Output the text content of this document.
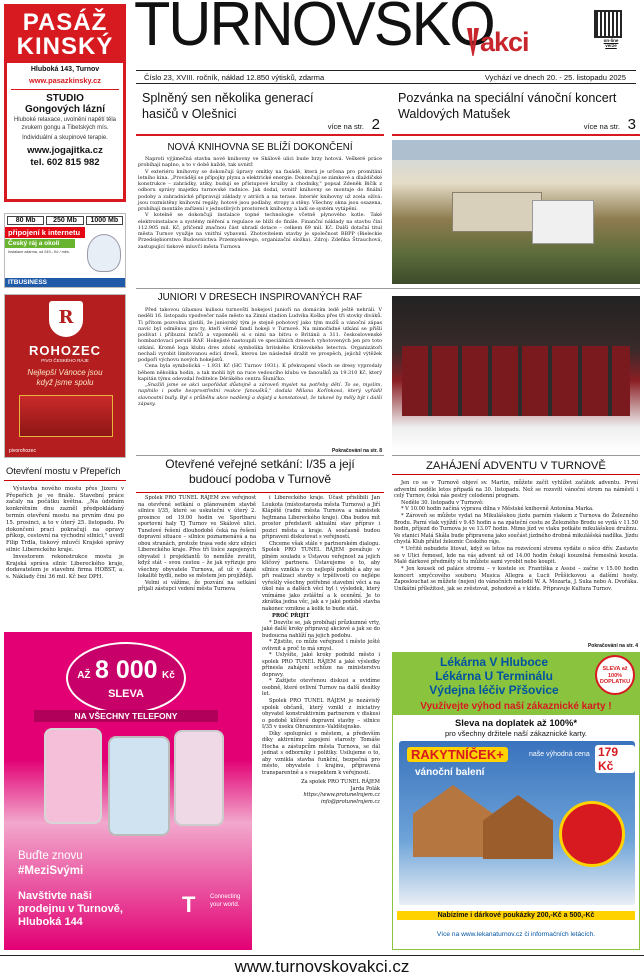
PASÁŽ
KINSKÝ
Hluboká 143, Turnov
www.pasazkinsky.cz
STUDIO
Gongových lázní
Hluboké relaxace, uvolnění napětí těla zvukem gongu a Tibetských mís.
Individuální a skupinové terapie.
www.jogajitka.cz
tel. 602 815 982
80 Mb	250 Mb	1000 Mb
připojení k internetu
Český ráj a okolí
Instalace zdarma, od 249,- Kč / měs.
ITBUSINESS
R
ROHOZEC
PIVO ČESKÉHO RÁJE
Nejlepší Vánoce jsou když jsme spolu
pivorohozec
Otevření mostu v Přepeřích

Výstavba nového mostu přes Jizeru v Přepeřích je ve finále. Stavební práce začaly na počátku května. „Na údolním konkrétním dnu zazněl předpokládaný termín otevření mostu na prvním dnu po 15. prosinci, a to v úterý 25. listopadu. Po dokončení prací pokračují na opravy příkop, cestovní na východní silnici," uvedl Filip Trdla, tiskový mluvčí Krajské správy silnic Libereckého kraje.

Investorem rekonstrukce mostu je Krajská správa silnic Libereckého kraje, dodavatelem je stavební firma HOBST, a. s. Náklady činí 36 mil. Kč bez DPH.

TURNOVSKO
akci	on-line
verze
Číslo 23, XVIII. ročník, náklad 12.850 výtisků, zdarma	Vychází ve dnech 20. - 25. listopadu 2025
Splněný sen několika generací hasičů v Olešnici
více na str. 2
Pozvánka na speciální vánoční koncert Waldových Matušek
více na str. 3
NOVÁ KNIHOVNA SE BLÍŽÍ DOKONČENÍ

Naproti výjimečná stavba nové knihovny ve Skálově ulici bude brzy hotová. Veškeré práce probíhají naplno, a to v době každé, tak uvnitř.

V exteriéru knihovny se dokončují úpravy omítky na fasádě, která je určena pro promítání letního kina. „Provádějí se přípojky plynu a elektrické energie. Dokončují se zámkové a dlaždičské konstrukce – zahrádky, atiky, budují se přístupové kružby a chodníky," popsal Zdeněk Bičík z odboru správy majetku turnovské radnice. Jak dodal, uvnitř knihovny se montuje do finální podoby a zahradnické připravují základy v atriích a na terase. Interiér knihovny už zcela ožívá: jsou rozmístěny knihovní regály, hotové jsou podlahy, stropy a stěny. Všechny okna jsou osazena, probíhají montáže zařízení v jednotlivých prostorech knihovny a ladí se systém vytápění.

V kotelně se dokončují instalace topné technologie včetně plynového kotle. Také elektroinstalace a systémy měření a regulace se blíží do finále. Finanční náklady na stavbu činí 112.905 mil. Kč, přičemž značnou část uhradí dotace – celkem 69 mil. Kč. Další dotační titul města Turnov využije na vnitřní vybavení. Zhotovitelem stavby je společnost BBPP (Bieleckie Przedsiębiorstwo Budownictwa Przemysłowego, organizační složka). Zdroj: Zdeňka Štrauchová, zastupující tiskové mluvčí města Turnova

JUNIORI V DRESECH INSPIROVANÝCH RAF

Před takovou úžasnou kulisou turnovští hokejoví junioři na domácím ledě ještě nehráli. V neděli 16. listopadu vpodvečer naše město na Zimní stadion Ludvíka Koška přes tři stovky diváků. Ti přitom pozvolna zjistili, že juniorský tým je stejně pohotový jako tým mužů a vánoční zápas navíc byl odměnou pro ty, kteří věrně fandí hokeji v Turnově. Na mimořádné utkání se přišli podívat i příbuzní hráčů a vzpomněli si s nimi na bitvu o Británii a 311. československé bombardovací perutě RAF. Hokejisté nastoupili ve speciálních dresech vyhotovených jen pro toto utkání. Kromě loga klubu dres zdobí symbolika britského Královského letectva. Organizátoři nechali vyrobit limitovanou edici dresů, kterou lze následně dražit ve prospěch, jejichž výtěžek podpoří výchovu nových hokejistů.

Cena byla symbolická – 1.931 Kč (HC Turnov 1931). K překvapení všech se dresy vyprodaly během několika hodin, a tak mohli být na ruce vedoucího klubu ve fanoušků za 19.310 Kč, který kapitán týmu odevzdal ředitelce Děrákého centra Šluníčko.

„Snažili jsme se akci uspořádat důstojně a zároveň myslet na potřeby dětí. To se, myslím, naplnilo i podle bezprostřední reakce fanoušků," dodala Milana Kořínková, který vyřádil slavnostní bully. Byl s průběhu akce nadšený a dojatý a konstatoval, že takové by měly být i další zápasy.

Pokračování na str. 8
Otevřené veřejné setkání: I/35 a její budoucí podoba v Turnově

Spolek PRO TUNEL RÁJEM zve veřejnost na otevřené setkání o plánovaném stavbě silnice I/35, které se uskuteční v úterý 2. prosince od 19.00 hodin ve Sportbaru sportovní haly TJ Turnov ve Skálově ulici. Tunelové řešení dlouhodobě čeká na řešení dopravní situace – silnice poznamenává a na obou stranách, protože trasa vede skrz silnici Libereckého kraje. Přes tři tisíce zapojených obyvatel i projektantů to nemůže zvrátit, když stát – svou cestou – že jak vyřizuje pro všechny obyvatele Turnova, ať už v dané lokalitě bydlí, nebo se městem jen projíždějí.

Velmi si vážíme, že pozvání na setkání přijali zástupci vedení města Turnova

i Libereckého kraje. Účast přislíbili Jan Loukota (místostarosta města Turnova) a Jiří Klápště (radní města Turnova a náměstek hejtmana Libereckého kraje). Oba budou mít prostor představit aktuální stav příprav i pozici města a kraje. A současně budou připraveni diskutovat s veřejností.

Chceme však stále v partnerském dialogu. Spolek PRO TUNEL RÁJEM považuje v plném souladu s Ústavou veřejnost za jejich klíčový partnera. Ústavujeme o to, aby silnice vznikla v co nejlepší podobě a aby se při realizaci stavby s trpělivostí co nejlépe vyřešily všechny potřebné stavební věci a na úkol nás a dalších věcí byl i výsledek, který vnímáme jako zvláštní a k ocenění. Je to zkrátka jedna věc, jak a v jaké podobě stavba nakonec vznikne a kolik to bude stát.

PROČ PŘIJÍT

* Dozvíte se, jak probíhají průzkumné vrty, jaké další kroky připravuj akciové a jak se do budoucna nahlíží na jejich podobu.

* Zjistíte, co může veřejnost i město ještě ovlivnit a proč to má smysl.

* Uslyšíte, jaké kroky podnikl město i spolek PRO TUNEL RÁJEM a jaké výsledky přinesla zahájení schůze na ministerstvu dopravy.

* Zažijete otevřenou diskusi a uvidíme osobně, které ovlivní Turnov na další desítky let.

Spolek PRO TUNEL RÁJEM je nezávislý spolek občanů, který vznikl z iniciativy obyvatel konstruktivním partnerem v diskusi o podobě klíčové dopravní stavby – silnice I/35 v úseku Ohrazenice–Valdštejnsko.

Díky spolupráci s městem, a především díky aktivnímu zapojení starosty Tomáše Hocha a zástupcům města Turnova, se dál jednat s odborníky i politiky. Usilujeme o to, aby vznikla stavba funkční, bezpečná pro město, obyvatele i krajinu, připravená transparentně a s respektem k veřejnosti.

Za spolek PRO TUNEL RÁJEM

Jarda Polák

https://www.protunelrajem.cz

info@protunelrajem.cz

AŽ 8 000 Kč
SLEVA
NA VŠECHNY TELEFONY
Buďte znovu
#MeziSvými
Navštivte naši prodejnu v Turnově, Hluboká 144
T	Connecting your world.
ZAHÁJENÍ ADVENTU V TURNOVĚ

Jen co se v Turnově objeví sv. Martin, můžete začít vyhlížet začátek adventu. První adventní neděle letos připadá na 30. listopadu. Než se rozsvítí vánoční strom na náměstí i celý Turnov, čeká nás pestrý celodenní program.

Neděle 30. listopadu v Turnově:

* V 10.00 hodin začíná výprava dílna v Městské knihovně Antonína Marka.

* Zároveň se můžete vydat na Mikulášskou jízdu parním vlakem z Turnova do Železného Brodu. Parní vlak vyjíždí v 9.45 hodin a na zpáteční cestu ze Železného Brodu se vydá v 11.50 hodin, příjezd do Turnova je ve 13.07 hodin. Mimo jízd ve vlaku potkáte mikulášskou družinu. Ve stanici Malá Skála bude připravena jako součást jízdného drobná mikulášská nadílka. Jízdu chystá Klub přátel železnic Českého ráje.

* Určitě nebudete litovat, když se letos na rozsvícení stromu vydáte o něco dřív. Zastavte se v Ulici řemesel, kde na vás advent už od 14.00 hodin čekají kouzelná řemeslná kouzla. Malé dárkové předměty si tu můžete sami vyrobit nebo koupit.

* Jen kousek od paláce stromu – v kostele sv. Františka z Assisi – začne v 15.00 hodin koncert smyčcového souboru Musica Allegra a Lucii Průšickovou a dalšími hosty. Zaposlouchat se můžete (nejen) do vánočních melodií W. A. Mozarta, J. Suka nebo A. Dvořáka. Unikátní příležitost, jak se zvěstovat, pohodově a v klidu. Připravuje Kultura Turnov.

Pokračování na str. 4
Lékárna V Hluboce
Lékárna U Terminálu
Výdejna léčiv Přšovice
SLEVA až 100% DOPLATKU
Využívejte výhod naší zákaznické karty !
Sleva na doplatek až 100%*
pro všechny držitele naší zákaznické karty.
RAKYTNÍČEK+	naše výhodná cena 179 Kč
vánoční balení
Nabízíme i dárkové poukázky 200,-Kč a 500,-Kč
Více na www.lekanaturnov.cz či informačních letácích.
www.turnovskovakci.cz
